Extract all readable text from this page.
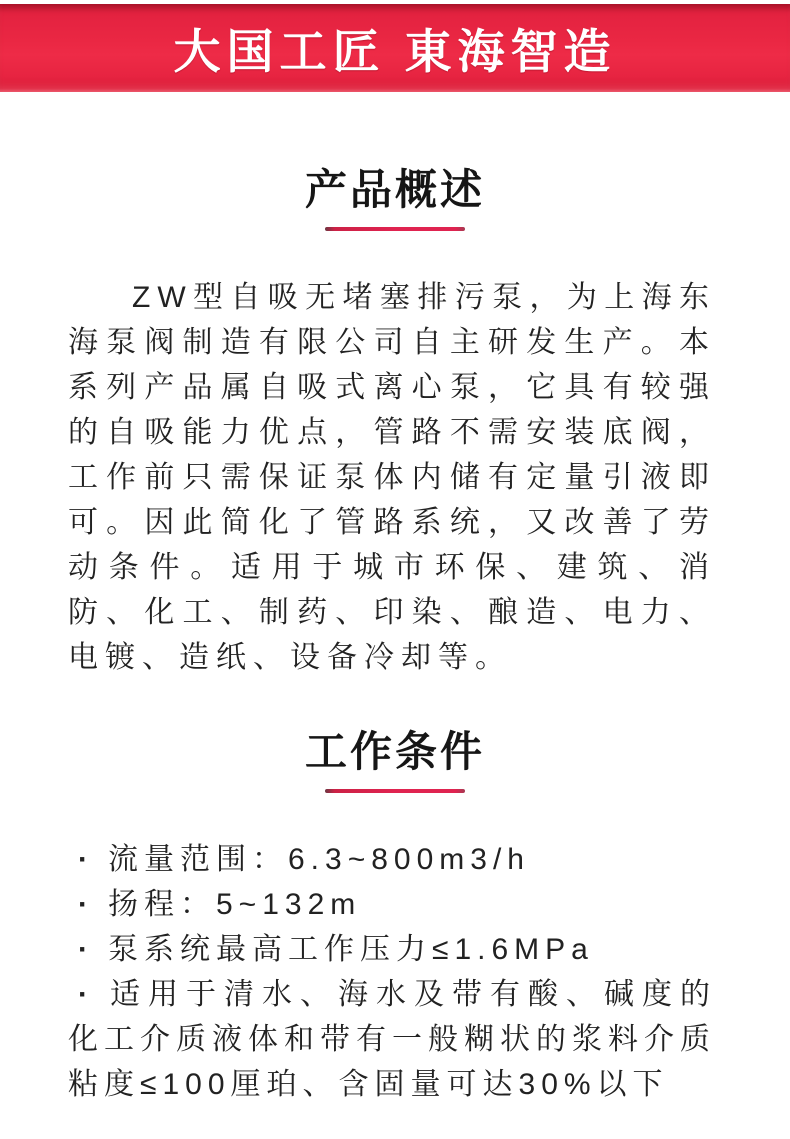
大国工匠 東海智造
产品概述

ZW型自吸无堵塞排污泵，为上海东海泵阀制造有限公司自主研发生产。本系列产品属自吸式离心泵，它具有较强的自吸能力优点，管路不需安装底阀，工作前只需保证泵体内储有定量引液即可。因此简化了管路系统，又改善了劳动条件。适用于城市环保、建筑、消防、化工、制药、印染、酿造、电力、电镀、造纸、设备冷却等。

工作条件
· 流量范围：6.3~800m3/h
· 扬程：5~132m
· 泵系统最高工作压力≤1.6MPa
· 适用于清水、海水及带有酸、碱度的化工介质液体和带有一般糊状的浆料介质粘度≤100厘珀、含固量可达30%以下
